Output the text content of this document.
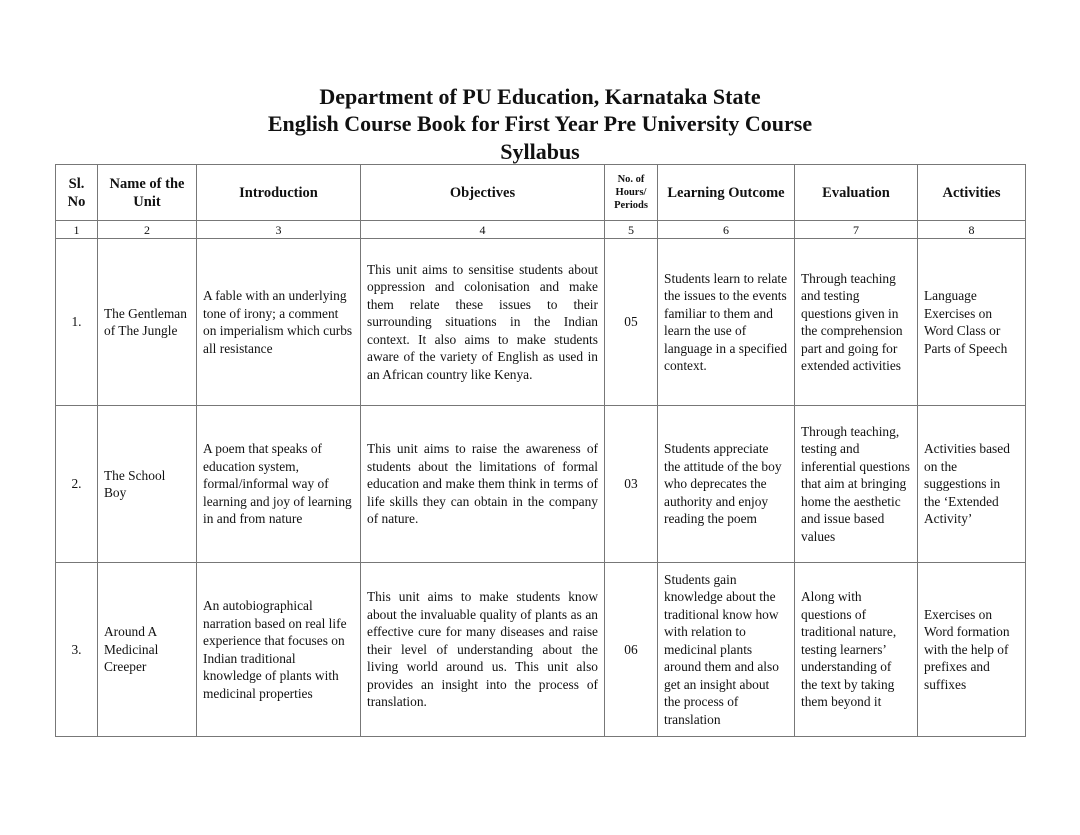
Department of PU Education, Karnataka State
English Course Book for First Year Pre University Course
Syllabus
Sl. No	Name of the Unit	Introduction	Objectives	No. of Hours/ Periods	Learning Outcome	Evaluation	Activities
1	2	3	4	5	6	7	8
1.	The Gentleman of The Jungle	A fable with an underlying tone of irony; a comment on imperialism which curbs all resistance	This unit aims to sensitise students about oppression and colonisation and make them relate these issues to their surrounding situations in the Indian context. It also aims to make students aware of the variety of English as used in an African country like Kenya.	05	Students learn to relate the issues to the events familiar to them and learn the use of language in a specified context.	Through teaching and testing questions given in the comprehension part and going for extended activities	Language Exercises on Word Class or Parts of Speech
2.	The School Boy	A poem that speaks of education system, formal/informal way of learning and joy of learning in and from nature	This unit aims to raise the awareness of students about the limitations of formal education and make them think in terms of life skills they can obtain in the company of nature.	03	Students appreciate the attitude of the boy who deprecates the authority and enjoy reading the poem	Through teaching, testing and inferential questions that aim at bringing home the aesthetic and issue based values	Activities based on the suggestions in the ‘Extended Activity’
3.	Around A Medicinal Creeper	An autobiographical narration based on real life experience that focuses on Indian traditional knowledge of plants with medicinal properties	This unit aims to make students know about the invaluable quality of plants as an effective cure for many diseases and raise their level of understanding about the living world around us. This unit also provides an insight into the process of translation.	06	Students gain knowledge about the traditional know how with relation to medicinal plants around them and also get an insight about the process of translation	Along with questions of traditional nature, testing learners’ understanding of the text by taking them beyond it	Exercises on Word formation with the help of prefixes and suffixes
